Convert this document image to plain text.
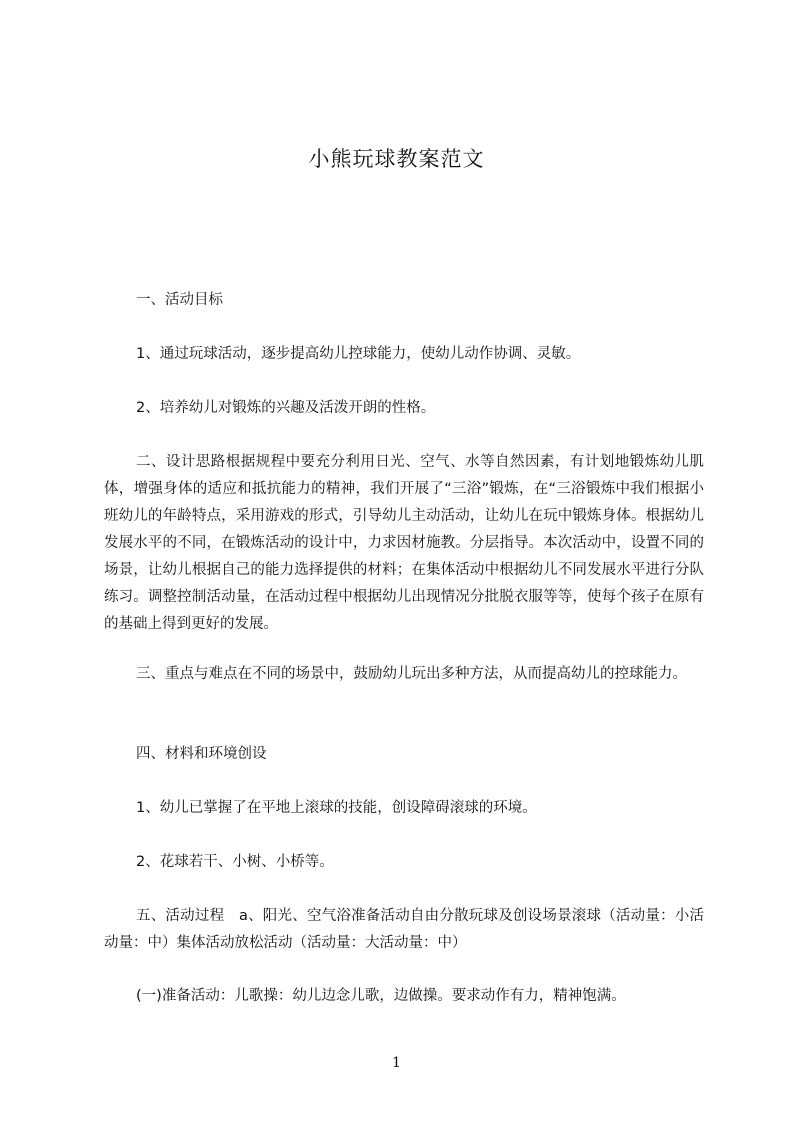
小熊玩球教案范文

一、活动目标

1、通过玩球活动，逐步提高幼儿控球能力，使幼儿动作协调、灵敏。

2、培养幼儿对锻炼的兴趣及活泼开朗的性格。

二、设计思路根据规程中要充分利用日光、空气、水等自然因素，有计划地锻炼幼儿肌体，增强身体的适应和抵抗能力的精神，我们开展了“三浴”锻炼，在“三浴锻炼中我们根据小班幼儿的年龄特点，采用游戏的形式，引导幼儿主动活动，让幼儿在玩中锻炼身体。根据幼儿发展水平的不同，在锻炼活动的设计中，力求因材施教。分层指导。本次活动中，设置不同的场景，让幼儿根据自己的能力选择提供的材料；在集体活动中根据幼儿不同发展水平进行分队练习。调整控制活动量，在活动过程中根据幼儿出现情况分批脱衣服等等，使每个孩子在原有的基础上得到更好的发展。

三、重点与难点在不同的场景中，鼓励幼儿玩出多种方法，从而提高幼儿的控球能力。

四、材料和环境创设

1、幼儿已掌握了在平地上滚球的技能，创设障碍滚球的环境。

2、花球若干、小树、小桥等。

五、活动过程　a、阳光、空气浴准备活动自由分散玩球及创设场景滚球（活动量：小活动量：中）集体活动放松活动（活动量：大活动量：中）

(一)准备活动：儿歌操：幼儿边念儿歌，边做操。要求动作有力，精神饱满。

1
